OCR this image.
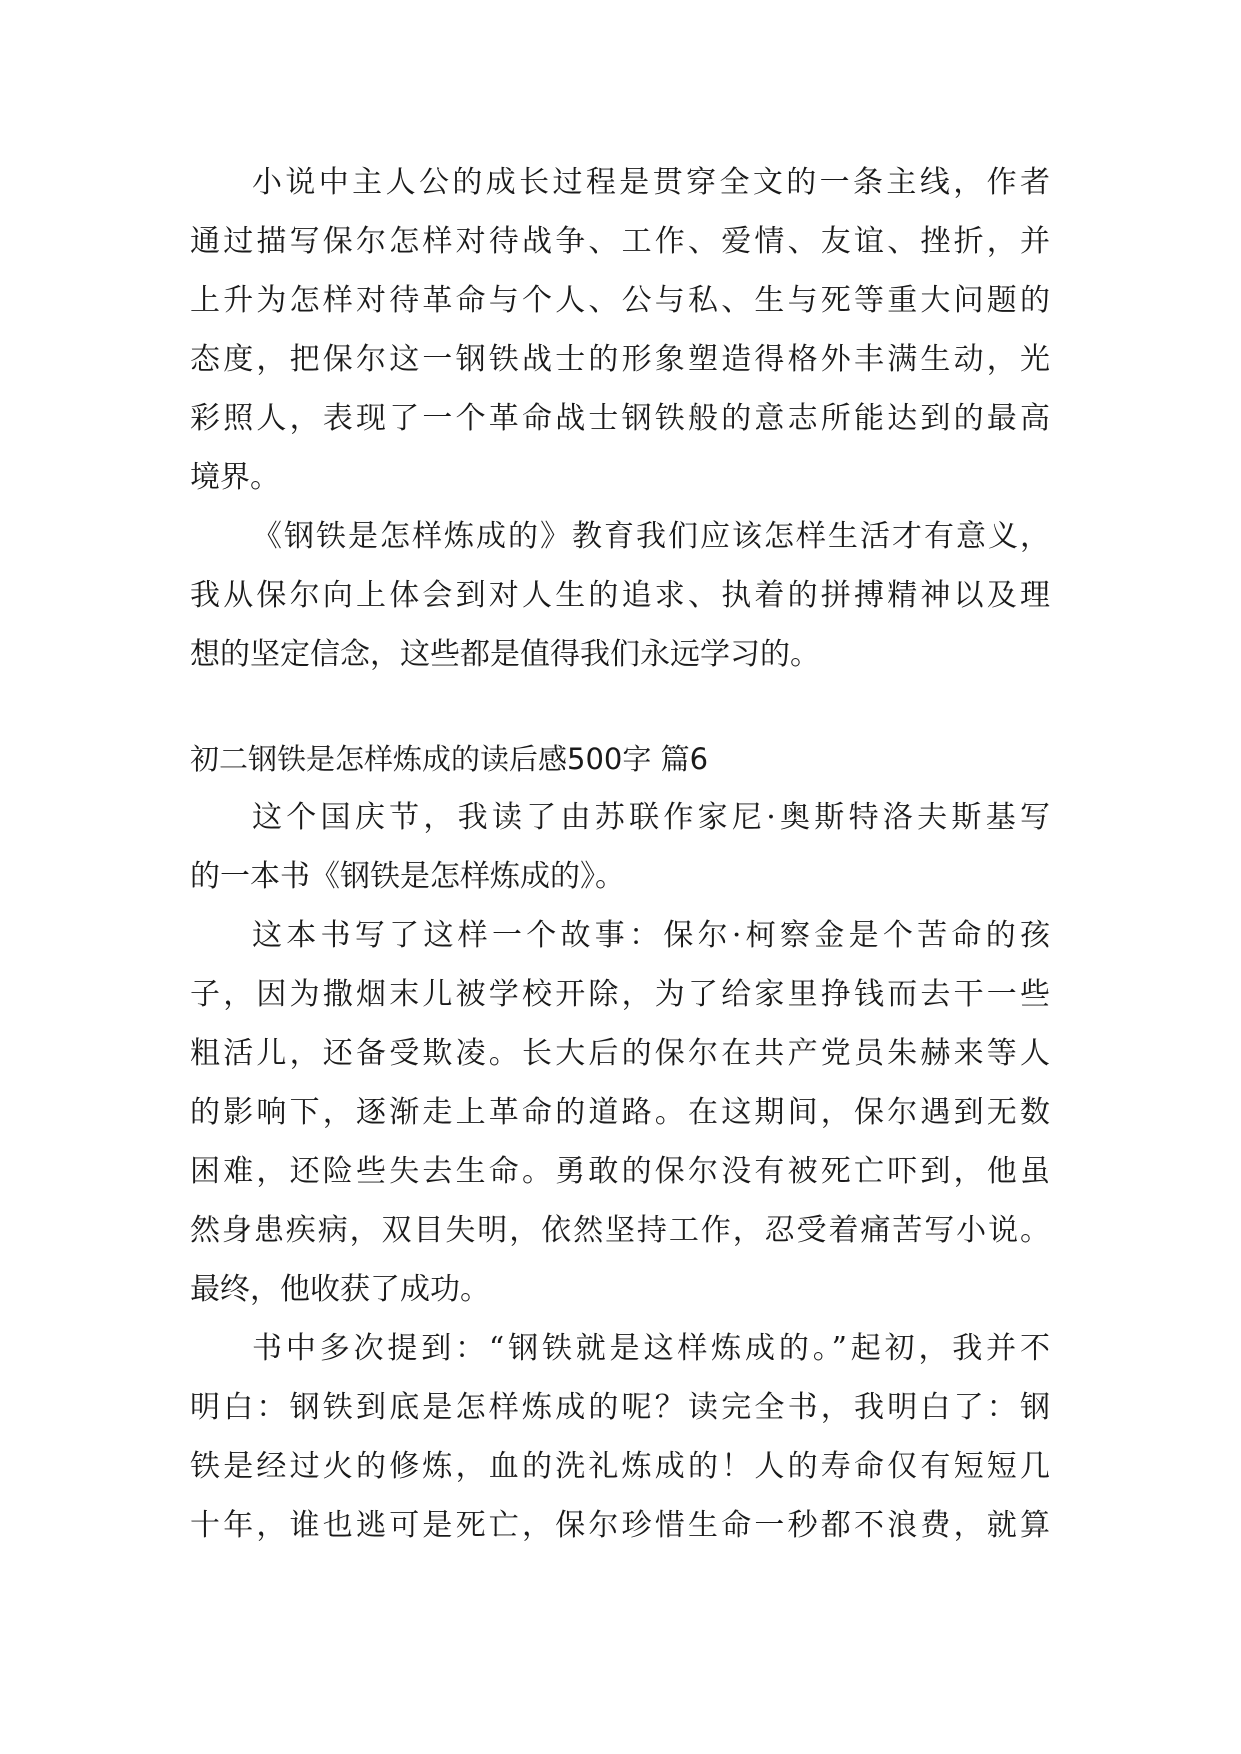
小说中主人公的成长过程是贯穿全文的一条主线，作者
通过描写保尔怎样对待战争、工作、爱情、友谊、挫折，并
上升为怎样对待革命与个人、公与私、生与死等重大问题的
态度，把保尔这一钢铁战士的形象塑造得格外丰满生动，光
彩照人，表现了一个革命战士钢铁般的意志所能达到的最高
境界。
《钢铁是怎样炼成的》教育我们应该怎样生活才有意义，
我从保尔向上体会到对人生的追求、执着的拼搏精神以及理
想的坚定信念，这些都是值得我们永远学习的。
初二钢铁是怎样炼成的读后感500字 篇6
这个国庆节，我读了由苏联作家尼·奥斯特洛夫斯基写
的一本书《钢铁是怎样炼成的》。
这本书写了这样一个故事：保尔·柯察金是个苦命的孩
子，因为撒烟末儿被学校开除，为了给家里挣钱而去干一些
粗活儿，还备受欺凌。长大后的保尔在共产党员朱赫来等人
的影响下，逐渐走上革命的道路。在这期间，保尔遇到无数
困难，还险些失去生命。勇敢的保尔没有被死亡吓到，他虽
然身患疾病，双目失明，依然坚持工作，忍受着痛苦写小说。
最终，他收获了成功。
书中多次提到：“钢铁就是这样炼成的。”起初，我并不
明白：钢铁到底是怎样炼成的呢？读完全书，我明白了：钢
铁是经过火的修炼，血的洗礼炼成的！人的寿命仅有短短几
十年，谁也逃可是死亡，保尔珍惜生命一秒都不浪费，就算
